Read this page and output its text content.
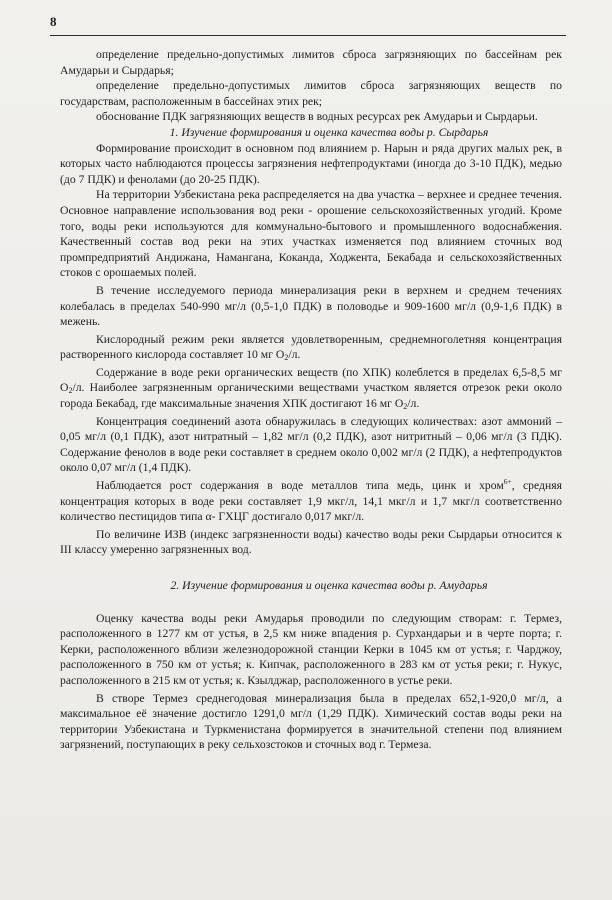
8

определение предельно-допустимых лимитов сброса загрязняющих по бассейнам рек Амударьи и Сырдарья;

определение предельно-допустимых лимитов сброса загрязняющих веществ по государствам, расположенным в бассейнах этих рек;

обоснование ПДК загрязняющих веществ в водных ресурсах рек Амударьи и Сырдарьи.

1. Изучение формирования и оценка качества воды р. Сырдарья

Формирование происходит в основном под влиянием р. Нарын и ряда других малых рек, в которых часто наблюдаются процессы загрязнения нефтепродуктами (иногда до 3-10 ПДК), медью (до 7 ПДК) и фенолами (до 20-25 ПДК).

На территории Узбекистана река распределяется на два участка – верхнее и среднее течения. Основное направление использования вод реки - орошение сельскохозяйственных угодий. Кроме того, воды реки используются для коммунально-бытового и промышленного водоснабжения. Качественный состав вод реки на этих участках изменяется под влиянием сточных вод промпредприятий Андижана, Намангана, Коканда, Ходжента, Бекабада и сельскохозяйственных стоков с орошаемых полей.

В течение исследуемого периода минерализация реки в верхнем и среднем течениях колебалась в пределах 540-990 мг/л (0,5-1,0 ПДК) в половодье и 909-1600 мг/л (0,9-1,6 ПДК) в межень.

Кислородный режим реки является удовлетворенным, среднемноголетняя концентрация растворенного кислорода составляет 10 мг $O_2/л$.

Содержание в воде реки органических веществ (по ХПК) колеблется в пределах 6,5-8,5 мг $O_2/л$. Наиболее загрязненным органическими веществами участком является отрезок реки около города Бекабад, где максимальные значения ХПК достигают 16 мг $O_2/л$.

Концентрация соединений азота обнаружилась в следующих количествах: азот аммоний – 0,05 мг/л (0,1 ПДК), азот нитратный – 1,82 мг/л (0,2 ПДК), азот нитритный – 0,06 мг/л (3 ПДК). Содержание фенолов в воде реки составляет в среднем около 0,002 мг/л (2 ПДК), а нефтепродуктов около 0,07 мг/л (1,4 ПДК).

Наблюдается рост содержания в воде металлов типа медь, цинк и хром$^{6+}$, средняя концентрация которых в воде реки составляет 1,9 мкг/л, 14,1 мкг/л и 1,7 мкг/л соответственно количество пестицидов типа α- ГХЦГ достигало 0,017 мкг/л.

По величине ИЗВ (индекс загрязненности воды) качество воды реки Сырдарьи относится к III классу умеренно загрязненных вод.

2. Изучение формирования и оценка качества воды р. Амударья

Оценку качества воды реки Амударья проводили по следующим створам: г. Термез, расположенного в 1277 км от устья, в 2,5 км ниже впадения р. Сурхандарьи и в черте порта; г. Керки, расположенного вблизи железнодорожной станции Керки в 1045 км от устья; г. Чарджоу, расположенного в 750 км от устья; к. Кипчак, расположенного в 283 км от устья реки; г. Нукус, расположенного в 215 км от устья; к. Кзылджар, расположенного в устье реки.

В створе Термез среднегодовая минерализация была в пределах 652,1-920,0 мг/л, а максимальное её значение достигло 1291,0 мг/л (1,29 ПДК). Химический состав воды реки на территории Узбекистана и Туркменистана формируется в значительной степени под влиянием загрязнений, поступающих в реку сельхозстоков и сточных вод г. Термеза.
